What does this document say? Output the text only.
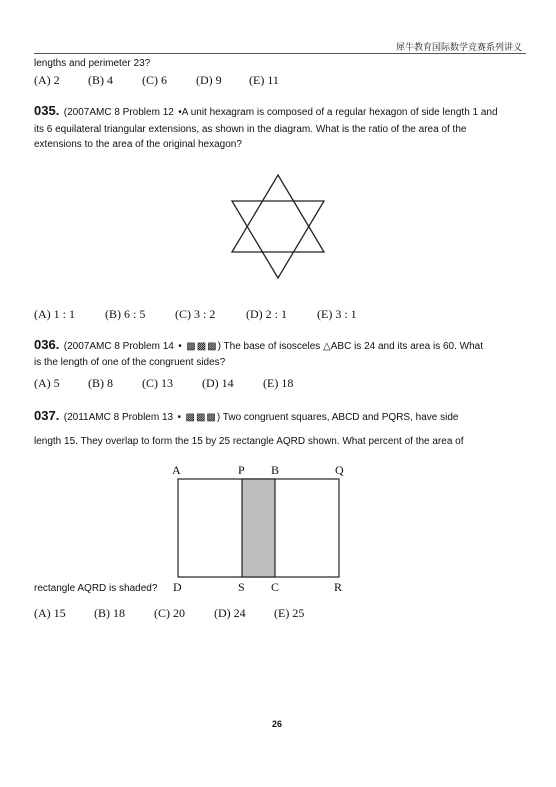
犀牛教育国际数学竞赛系列讲义
lengths and perimeter 23?
(A) 2 (B) 4 (C) 6 (D) 9 (E) 11
035. (2007AMC 8 Problem 12 •A unit hexagram is composed of a regular hexagon of side length 1 and
its 6 equilateral triangular extensions, as shown in the diagram. What is the ratio of the area of the
extensions to the area of the original hexagon?
(A) 1 : 1	(B) 6 : 5 (C) 3 : 2	(D) 2 : 1	(E) 3 : 1
036. (2007AMC 8 Problem 14 • ▩▩▩) The base of isosceles △ABC is 24 and its area is 60. What
is the length of one of the congruent sides?
(A) 5 (B) 8 (C) 13 (D) 14 (E) 18
037. (2011AMC 8 Problem 13 • ▩▩▩) Two congruent squares, ABCD and PQRS, have side
length 15. They overlap to form the 15 by 25 rectangle AQRD shown. What percent of the area of
A	P B	Q
D	S C	R
rectangle AQRD is shaded?
(A) 15 (B) 18 (C) 20 (D) 24 (E) 25
26
